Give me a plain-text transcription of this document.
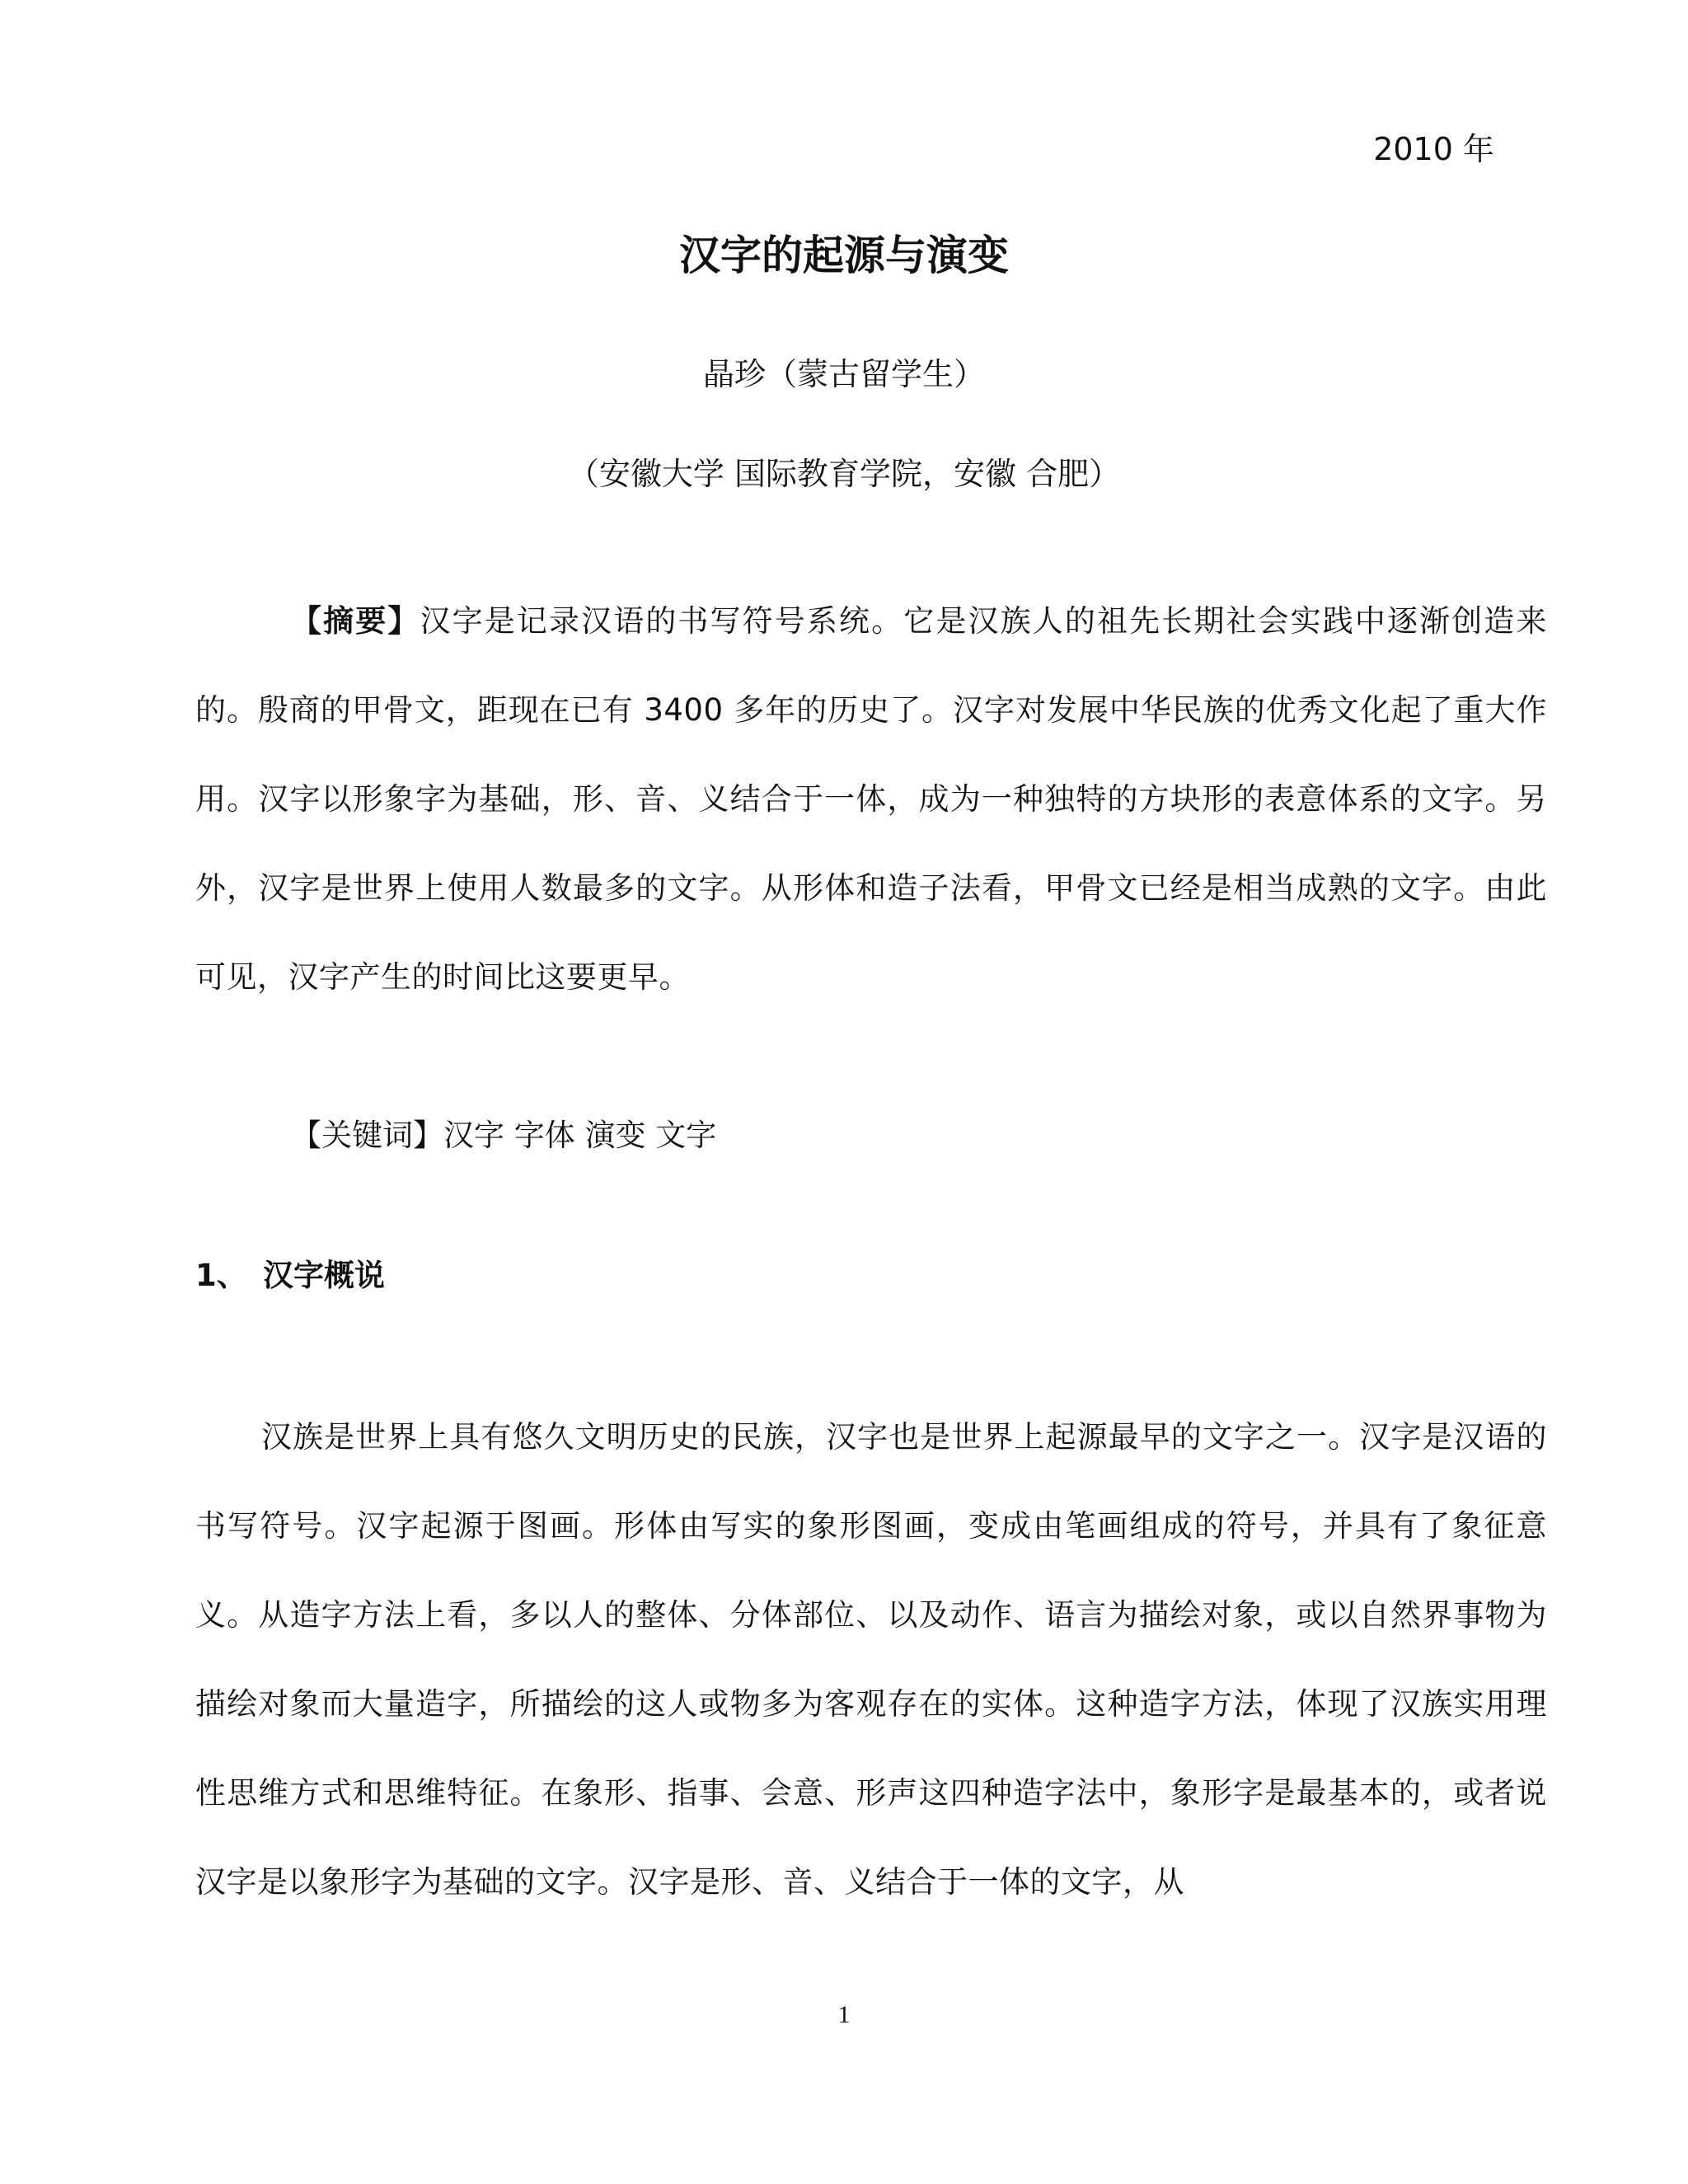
2010 年
汉字的起源与演变
晶珍（蒙古留学生）
（安徽大学 国际教育学院，安徽 合肥）
【摘要】汉字是记录汉语的书写符号系统。它是汉族人的祖先长期社会实践中逐渐创造来的。殷商的甲骨文，距现在已有 3400 多年的历史了。汉字对发展中华民族的优秀文化起了重大作用。汉字以形象字为基础，形、音、义结合于一体，成为一种独特的方块形的表意体系的文字。另外，汉字是世界上使用人数最多的文字。从形体和造子法看，甲骨文已经是相当成熟的文字。由此可见，汉字产生的时间比这要更早。
【关键词】汉字 字体 演变 文字
1、 汉字概说
汉族是世界上具有悠久文明历史的民族，汉字也是世界上起源最早的文字之一。汉字是汉语的书写符号。汉字起源于图画。形体由写实的象形图画，变成由笔画组成的符号，并具有了象征意义。从造字方法上看，多以人的整体、分体部位、以及动作、语言为描绘对象，或以自然界事物为描绘对象而大量造字，所描绘的这人或物多为客观存在的实体。这种造字方法，体现了汉族实用理性思维方式和思维特征。在象形、指事、会意、形声这四种造字法中，象形字是最基本的，或者说汉字是以象形字为基础的文字。汉字是形、音、义结合于一体的文字，从
1
